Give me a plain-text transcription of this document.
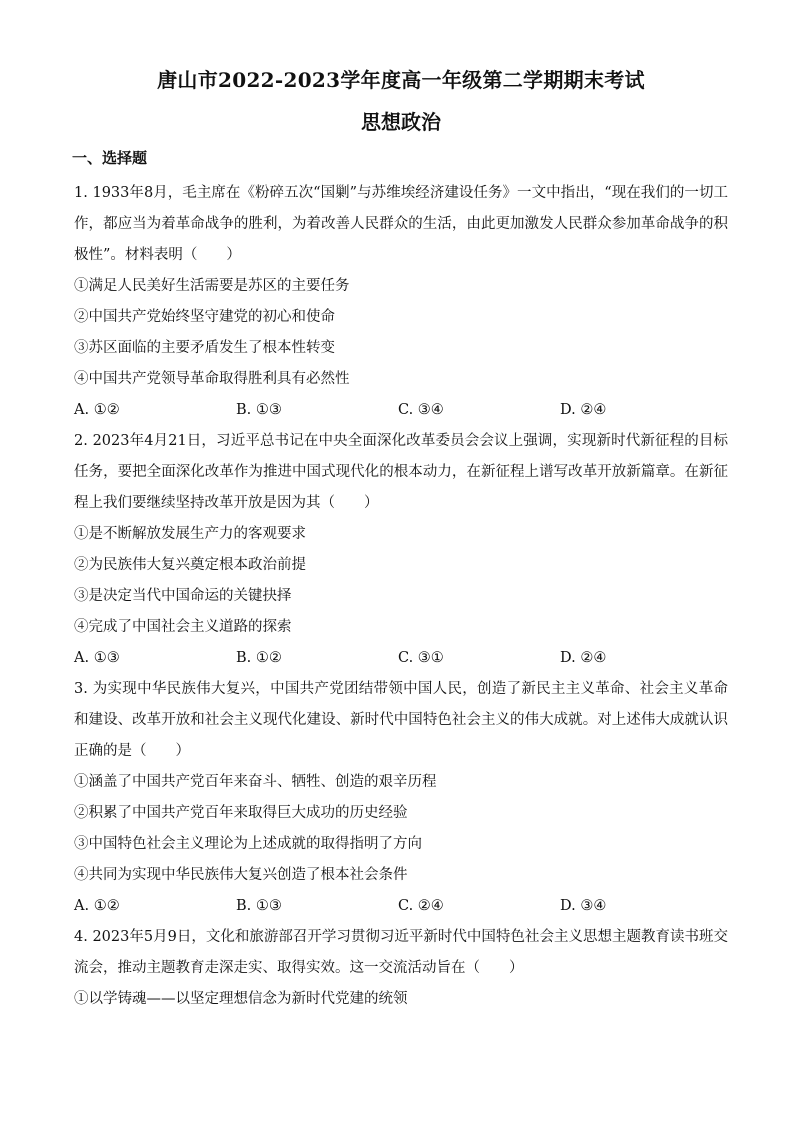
唐山市2022-2023学年度高一年级第二学期期末考试
思想政治
一、选择题

1. 1933年8月，毛主席在《粉碎五次“国剿”与苏维埃经济建设任务》一文中指出，“现在我们的一切工作，都应当为着革命战争的胜利，为着改善人民群众的生活，由此更加激发人民群众参加革命战争的积极性”。材料表明（　　）

①满足人民美好生活需要是苏区的主要任务

②中国共产党始终坚守建党的初心和使命

③苏区面临的主要矛盾发生了根本性转变

④中国共产党领导革命取得胜利具有必然性

A. ①②	B. ①③	C. ③④	D. ②④

2. 2023年4月21日，习近平总书记在中央全面深化改革委员会会议上强调，实现新时代新征程的目标任务，要把全面深化改革作为推进中国式现代化的根本动力，在新征程上谱写改革开放新篇章。在新征程上我们要继续坚持改革开放是因为其（　　）

①是不断解放发展生产力的客观要求

②为民族伟大复兴奠定根本政治前提

③是决定当代中国命运的关键抉择

④完成了中国社会主义道路的探索

A. ①③	B. ①②	C. ③①	D. ②④

3. 为实现中华民族伟大复兴，中国共产党团结带领中国人民，创造了新民主主义革命、社会主义革命和建设、改革开放和社会主义现代化建设、新时代中国特色社会主义的伟大成就。对上述伟大成就认识正确的是（　　）

①涵盖了中国共产党百年来奋斗、牺牲、创造的艰辛历程

②积累了中国共产党百年来取得巨大成功的历史经验

③中国特色社会主义理论为上述成就的取得指明了方向

④共同为实现中华民族伟大复兴创造了根本社会条件

A. ①②	B. ①③	C. ②④	D. ③④

4. 2023年5月9日，文化和旅游部召开学习贯彻习近平新时代中国特色社会主义思想主题教育读书班交流会，推动主题教育走深走实、取得实效。这一交流活动旨在（　　）

①以学铸魂——以坚定理想信念为新时代党建的统领
